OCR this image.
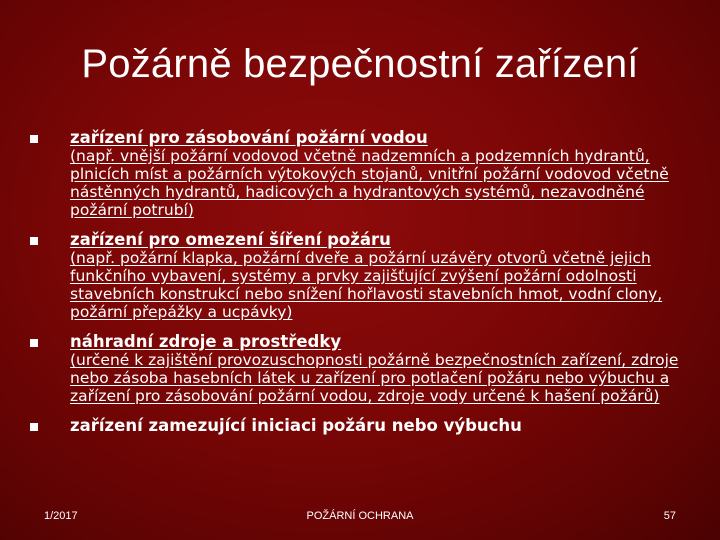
Požárně bezpečnostní zařízení
zařízení pro zásobování požární vodou
(např. vnější požární vodovod včetně nadzemních a podzemních hydrantů, plnicích míst a požárních výtokových stojanů, vnitřní požární vodovod včetně nástěnných hydrantů, hadicových a hydrantových systémů, nezavodněné požární potrubí)
zařízení pro omezení šíření požáru
(např. požární klapka, požární dveře a požární uzávěry otvorů včetně jejich funkčního vybavení, systémy a prvky zajišťující zvýšení požární odolnosti stavebních konstrukcí nebo snížení hořlavosti stavebních hmot, vodní clony, požární přepážky a ucpávky)
náhradní zdroje a prostředky
(určené k zajištění provozuschopnosti požárně bezpečnostních zařízení, zdroje nebo zásoba hasebních látek u zařízení pro potlačení požáru nebo výbuchu a zařízení pro zásobování požární vodou, zdroje vody určené k hašení požárů)
zařízení zamezující iniciaci požáru nebo výbuchu
1/2017	POŽÁRNÍ OCHRANA	57
